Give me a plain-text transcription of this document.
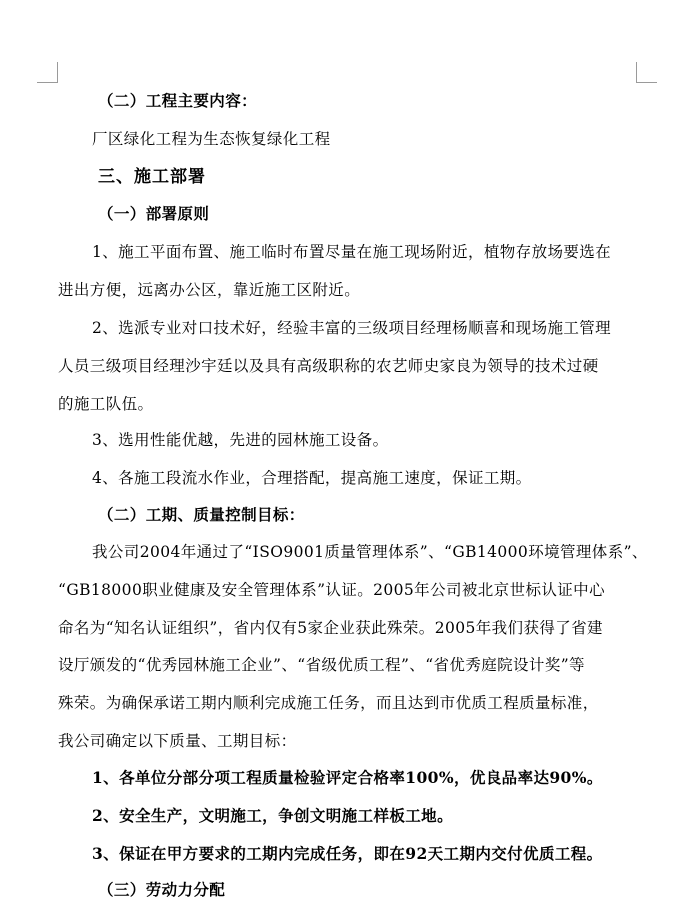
（二）工程主要内容：
厂区绿化工程为生态恢复绿化工程
三、施工部署
（一）部署原则
1、施工平面布置、施工临时布置尽量在施工现场附近，植物存放场要选在
进出方便，远离办公区，靠近施工区附近。
2、选派专业对口技术好，经验丰富的三级项目经理杨顺喜和现场施工管理
人员三级项目经理沙宇廷以及具有高级职称的农艺师史家良为领导的技术过硬
的施工队伍。
3、选用性能优越，先进的园林施工设备。
4、各施工段流水作业，合理搭配，提高施工速度，保证工期。
（二）工期、质量控制目标：
我公司2004年通过了“ISO9001质量管理体系”、“GB14000环境管理体系”、
“GB18000职业健康及安全管理体系”认证。2005年公司被北京世标认证中心
命名为“知名认证组织”，省内仅有5家企业获此殊荣。2005年我们获得了省建
设厅颁发的“优秀园林施工企业”、“省级优质工程”、“省优秀庭院设计奖”等
殊荣。为确保承诺工期内顺利完成施工任务，而且达到市优质工程质量标准，
我公司确定以下质量、工期目标：
1、各单位分部分项工程质量检验评定合格率100%，优良品率达90%。
2、安全生产，文明施工，争创文明施工样板工地。
3、保证在甲方要求的工期内完成任务，即在92天工期内交付优质工程。
（三）劳动力分配
